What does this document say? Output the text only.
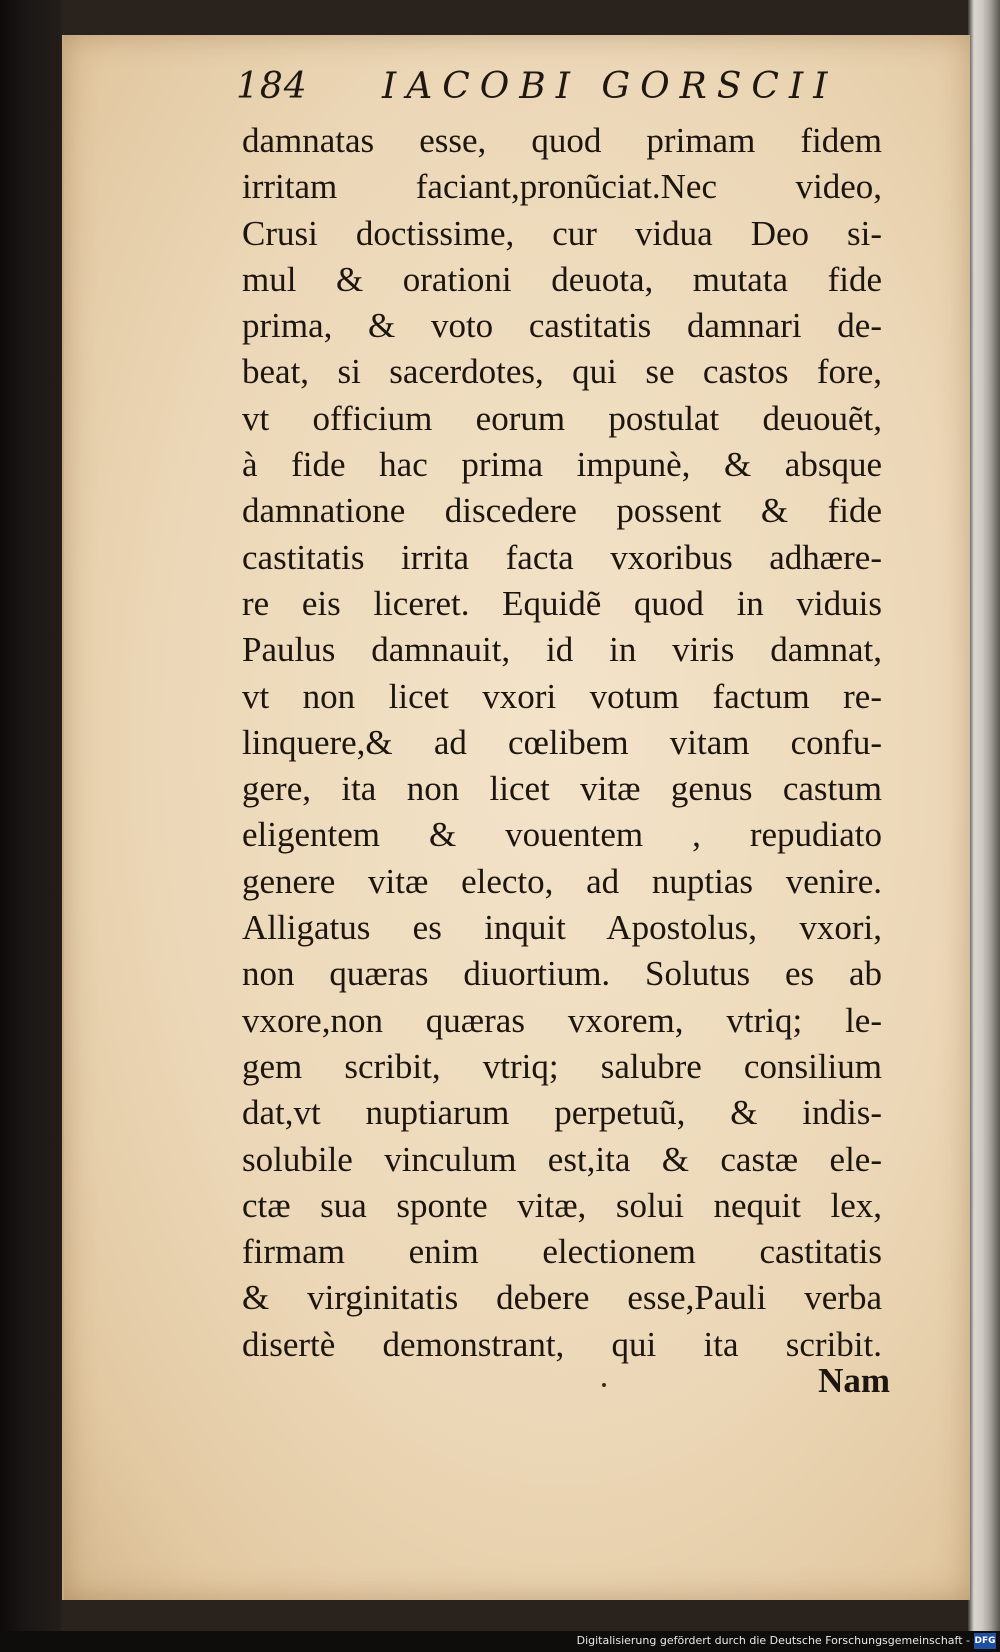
184 IACOBI GORSCII
damnatas esse, quod primam fidem
irritam faciant,pronũciat.Nec video,
Crusi doctissime, cur vidua Deo si-
mul & orationi deuota, mutata fide
prima, & voto castitatis damnari de-
beat, si sacerdotes, qui se castos fore,
vt officium eorum postulat deuouẽt,
à fide hac prima impunè, & absque
damnatione discedere possent & fide
castitatis irrita facta vxoribus adhære-
re eis liceret. Equidẽ quod in viduis
Paulus damnauit, id in viris damnat,
vt non licet vxori votum factum re-
linquere,& ad cœlibem vitam confu-
gere, ita non licet vitæ genus castum
eligentem & vouentem , repudiato
genere vitæ electo, ad nuptias venire.
Alligatus es inquit Apostolus, vxori,
non quæras diuortium. Solutus es ab
vxore,non quæras vxorem, vtriq; le-
gem scribit, vtriq; salubre consilium
dat,vt nuptiarum perpetuũ, & indis-
solubile vinculum est,ita & castæ ele-
ctæ sua sponte vitæ, solui nequit lex,
firmam enim electionem castitatis
& virginitatis debere esse,Pauli verba
disertè demonstrant, qui ita scribit.
Nam
Digitalisierung gefördert durch die Deutsche Forschungsgemeinschaft - DFG
